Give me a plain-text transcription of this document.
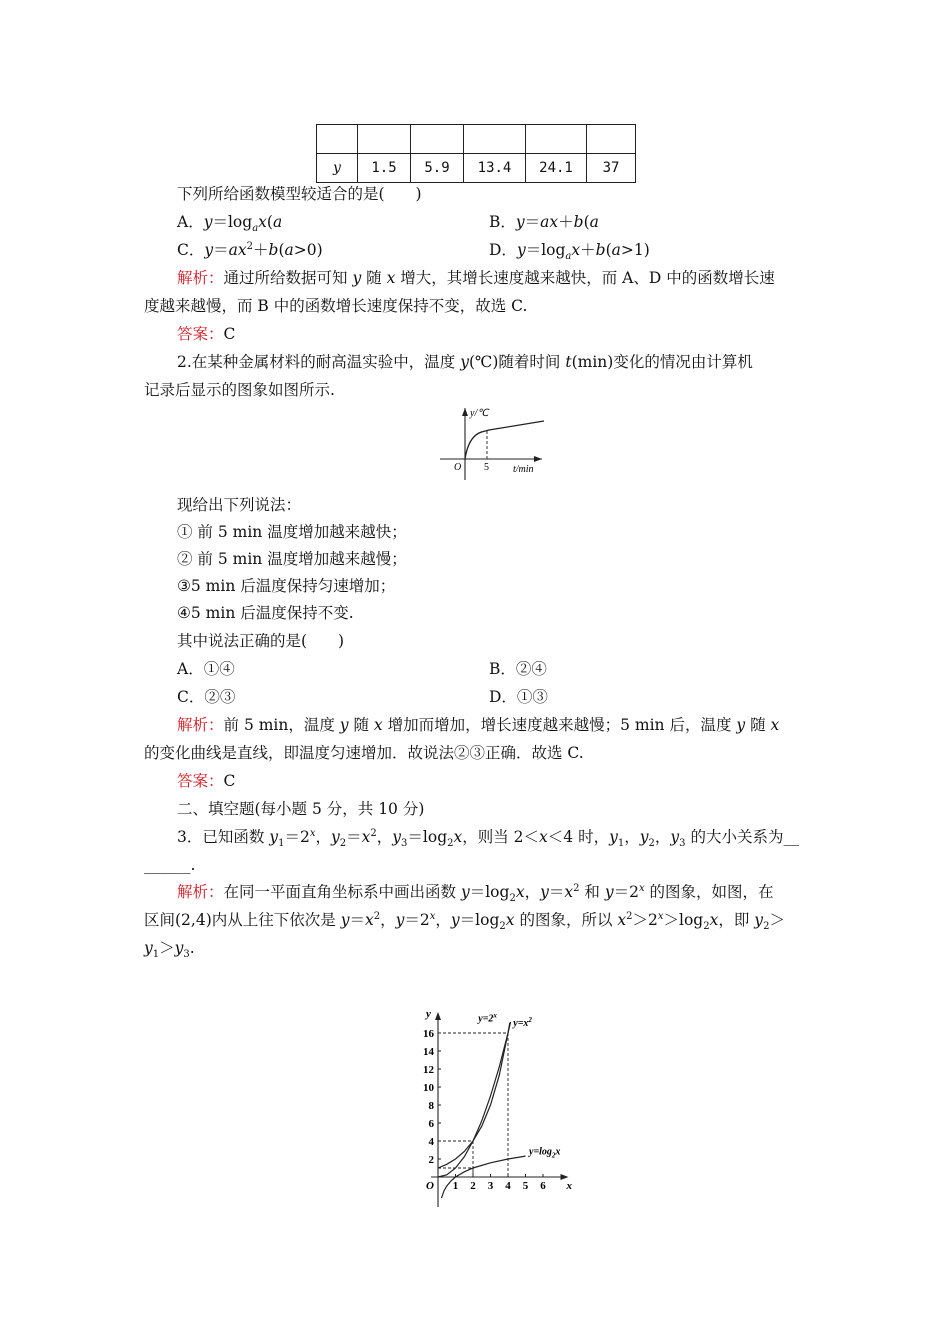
y	1.5	5.9	13.4	24.1	37
下列所给函数模型较适合的是(　　)
A．$y=\log_ax(a$	B．y＝ax＋b(a
C．$y=ax^2+b(a>0)$	D．$y=\log_ax+b(a>1)$
解析：通过所给数据可知 y 随 x 增大，其增长速度越来越快，而 A、D 中的函数增长速
度越来越慢，而 B 中的函数增长速度保持不变，故选 C.
答案：C
2.在某种金属材料的耐高温实验中，温度 y(℃)随着时间 t(min)变化的情况由计算机
记录后显示的图象如图所示.
y/℃
t/min
O 5
现给出下列说法：
① 前 5 min 温度增加越来越快；
② 前 5 min 温度增加越来越慢；
③5 min 后温度保持匀速增加；
④5 min 后温度保持不变.
其中说法正确的是(　　)
A．①④	B．②④
C．②③	D．①③
解析：前 5 min，温度 y 随 x 增加而增加，增长速度越来越慢；5 min 后，温度 y 随 x
的变化曲线是直线，即温度匀速增加．故说法②③正确．故选 C.
答案：C
二、填空题(每小题 5 分，共 10 分)
3．已知函数 $y_1=2^x$，$y_2=x^2$，$y_3=\log_2x$，则当 2＜x＜4 时，$y_1$，$y_2$，$y_3$ 的大小关系为__
______.
解析：在同一平面直角坐标系中画出函数 $y=\log_2x$，$y=x^2$ 和 $y=2^x$ 的图象，如图，在
区间(2,4)内从上往下依次是 $y=x^2$，$y=2^x$，$y=\log_2x$ 的图象，所以 $x^2>2^x>\log_2x$，即 $y_2>$
$y_1>y_3$.
y
x
O 1 2 3 4 5 6
2
4
6
8
10
12
14
16
$y=2^x$
$y=x^2$
$y=\log_2x$
